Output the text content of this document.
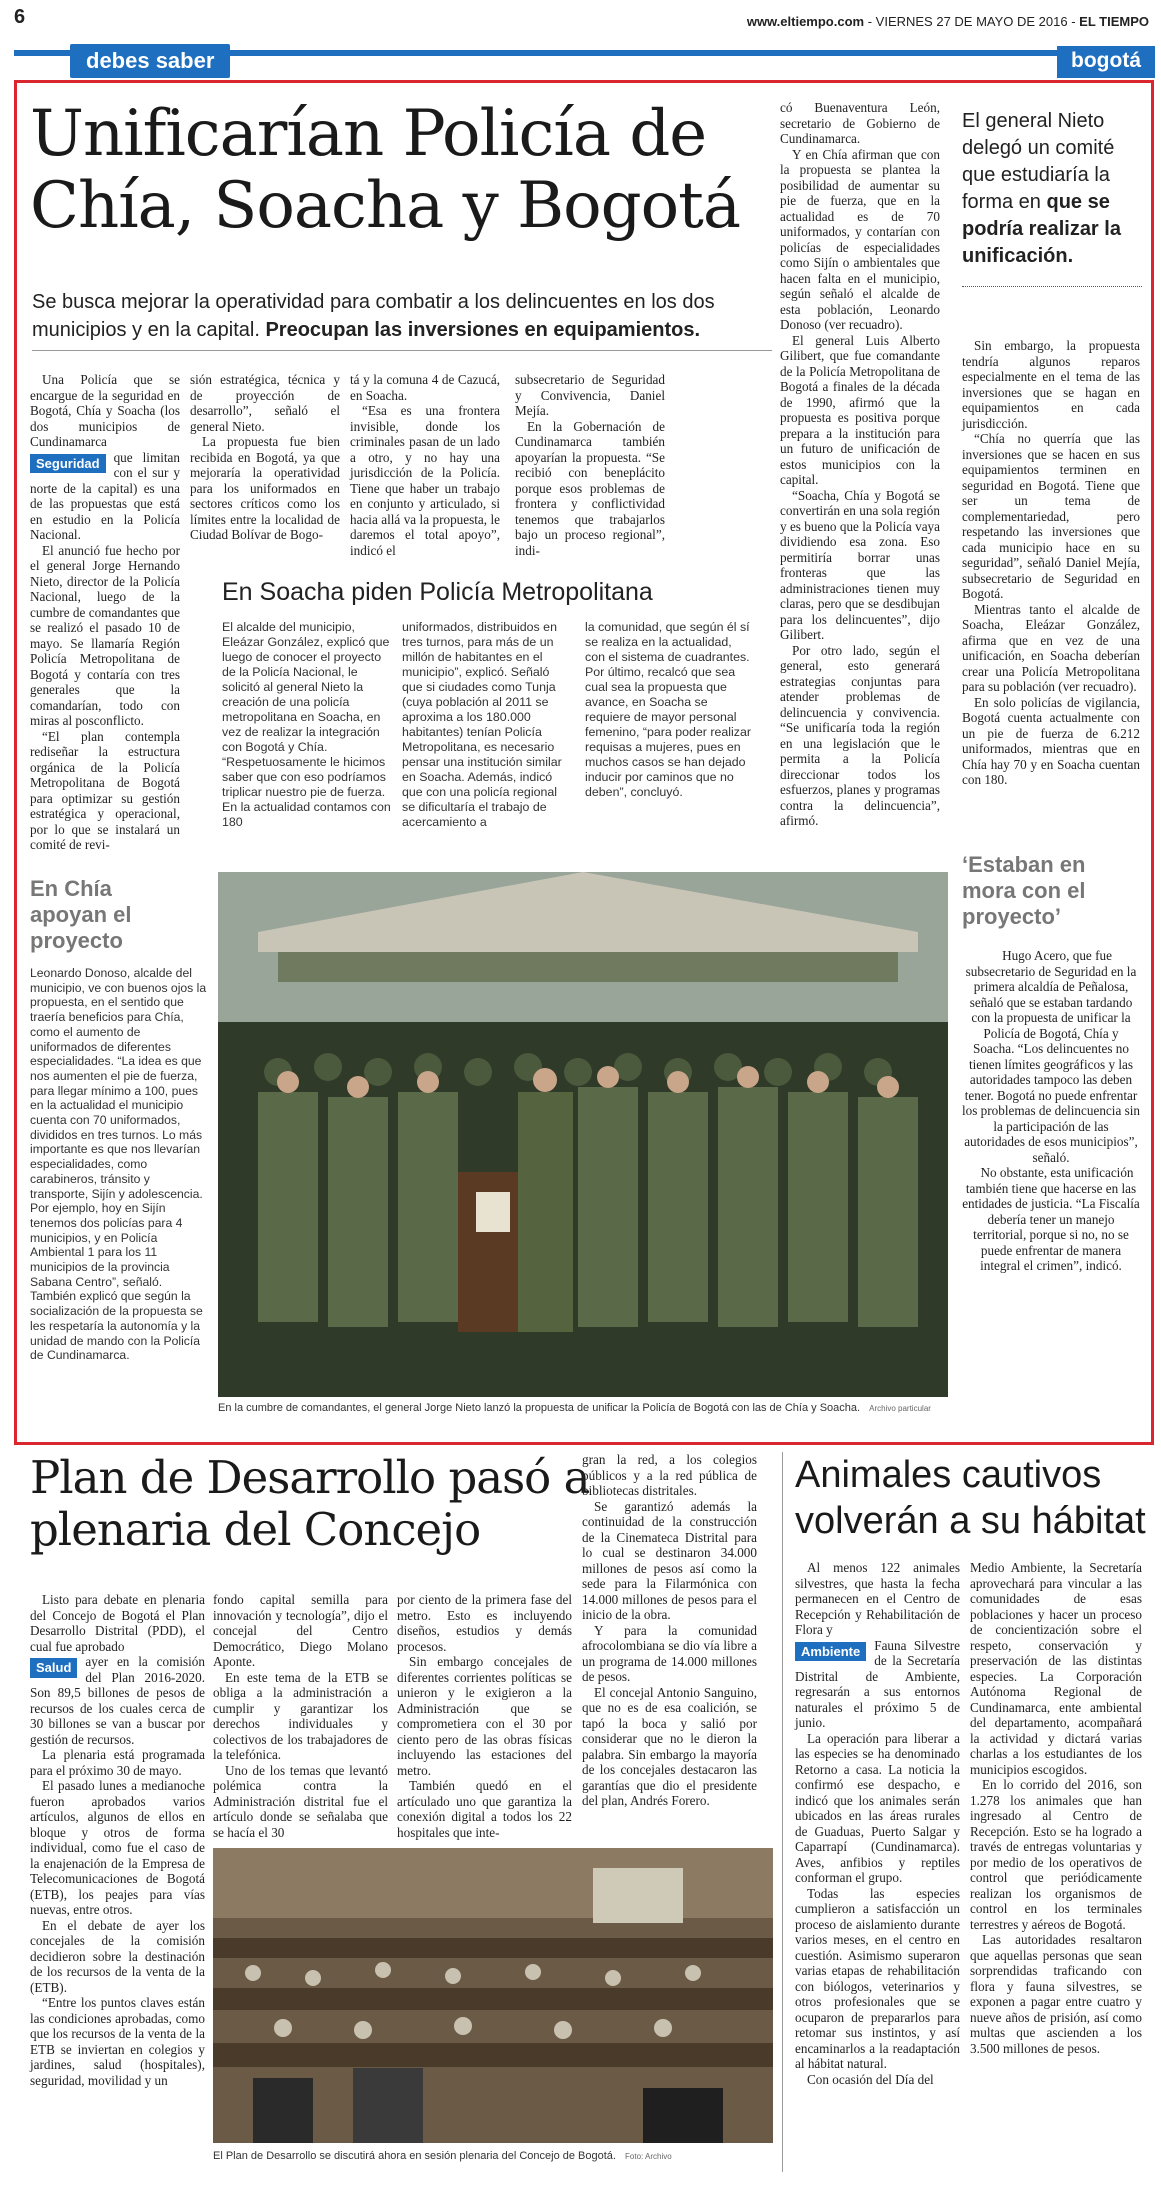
6	www.eltiempo.com - VIERNES 27 DE MAYO DE 2016 - EL TIEMPO
debes saber	bogotá
Unificarían Policía de Chía, Soacha y Bogotá
Se busca mejorar la operatividad para combatir a los delincuentes en los dos municipios y en la capital. Preocupan las inversiones en equipamientos.

Una Policía que se encargue de la seguridad en Bogotá, Chía y Soacha (los dos municipios de Cundinamarca

Seguridad	que limitan con el sur y norte de la capital) es una de las propuestas que está en estudio en la Policía Nacional.

El anunció fue hecho por el general Jorge Hernando Nieto, director de la Policía Nacional, luego de la cumbre de comandantes que se realizó el pasado 10 de mayo. Se llamaría Región Policía Metropolitana de Bogotá y contaría con tres generales que la comandarían, todo con miras al posconflicto.

“El plan contempla rediseñar la estructura orgánica de la Policía Metropolitana de Bogotá para optimizar su gestión estratégica y operacional, por lo que se instalará un comité de revi-

sión estratégica, técnica y de proyección de desarrollo”, señaló el general Nieto.

La propuesta fue bien recibida en Bogotá, ya que mejoraría la operatividad para los uniformados en sectores críticos como los límites entre la localidad de Ciudad Bolívar de Bogo-

tá y la comuna 4 de Cazucá, en Soacha.

“Esa es una frontera invisible, donde los criminales pasan de un lado a otro, y no hay una jurisdicción de la Policía. Tiene que haber un trabajo en conjunto y articulado, si hacia allá va la propuesta, le daremos el total apoyo”, indicó el

subsecretario de Seguridad y Convivencia, Daniel Mejía.

En la Gobernación de Cundinamarca también apoyarían la propuesta. “Se recibió con beneplácito porque esos problemas de frontera y conflictividad tenemos que trabajarlos bajo un proceso regional”, indi-

có Buenaventura León, secretario de Gobierno de Cundinamarca.

Y en Chía afirman que con la propuesta se plantea la posibilidad de aumentar su pie de fuerza, que en la actualidad es de 70 uniformados, y contarían con policías de especialidades como Sijín o ambientales que hacen falta en el municipio, según señaló el alcalde de esta población, Leonardo Donoso (ver recuadro).

El general Luis Alberto Gilibert, que fue comandante de la Policía Metropolitana de Bogotá a finales de la década de 1990, afirmó que la propuesta es positiva porque prepara a la institución para un futuro de unificación de estos municipios con la capital.

“Soacha, Chía y Bogotá se convertirán en una sola región y es bueno que la Policía vaya dividiendo esa zona. Eso permitiría borrar unas fronteras que las administraciones tienen muy claras, pero que se desdibujan para los delincuentes”, dijo Gilibert.

Por otro lado, según el general, esto generará estrategias conjuntas para atender problemas de delincuencia y convivencia. “Se unificaría toda la región en una legislación que le permita a la Policía direccionar todos los esfuerzos, planes y programas contra la delincuencia”, afirmó.

El general Nieto delegó un comité que estudiaría la forma en que se podría realizar la unificación.

Sin embargo, la propuesta tendría algunos reparos especialmente en el tema de las inversiones que se hagan en equipamientos en cada jurisdicción.

“Chía no querría que las inversiones que se hacen en sus equipamientos terminen en seguridad en Bogotá. Tiene que ser un tema de complementariedad, pero respetando las inversiones que cada municipio hace en su seguridad”, señaló Daniel Mejía, subsecretario de Seguridad en Bogotá.

Mientras tanto el alcalde de Soacha, Eleázar González, afirma que en vez de una unificación, en Soacha deberían crear una Policía Metropolitana para su población (ver recuadro).

En solo policías de vigilancia, Bogotá cuenta actualmente con un pie de fuerza de 6.212 uniformados, mientras que en Chía hay 70 y en Soacha cuentan con 180.

En Soacha piden Policía Metropolitana
El alcalde del municipio, Eleázar González, explicó que luego de conocer el proyecto de la Policía Nacional, le solicitó al general Nieto la creación de una policía metropolitana en Soacha, en vez de realizar la integración con Bogotá y Chía. “Respetuosamente le hicimos saber que con eso podríamos triplicar nuestro pie de fuerza. En la actualidad contamos con 180
uniformados, distribuidos en tres turnos, para más de un millón de habitantes en el municipio”, explicó. Señaló que si ciudades como Tunja (cuya población al 2011 se aproxima a los 180.000 habitantes) tenían Policía Metropolitana, es necesario pensar una institución similar en Soacha. Además, indicó que con una policía regional se dificultaría el trabajo de acercamiento a
la comunidad, que según él sí se realiza en la actualidad, con el sistema de cuadrantes. Por último, recalcó que sea cual sea la propuesta que avance, en Soacha se requiere de mayor personal femenino, “para poder realizar requisas a mujeres, pues en muchos casos se han dejado inducir por caminos que no deben”, concluyó.
En Chía apoyan el proyecto
Leonardo Donoso, alcalde del municipio, ve con buenos ojos la propuesta, en el sentido que traería beneficios para Chía, como el aumento de uniformados de diferentes especialidades. “La idea es que nos aumenten el pie de fuerza, para llegar mínimo a 100, pues en la actualidad el municipio cuenta con 70 uniformados, divididos en tres turnos. Lo más importante es que nos llevarían especialidades, como carabineros, tránsito y transporte, Sijín y adolescencia. Por ejemplo, hoy en Sijín tenemos dos policías para 4 municipios, y en Policía Ambiental 1 para los 11 municipios de la provincia Sabana Centro”, señaló. También explicó que según la socialización de la propuesta se les respetaría la autonomía y la unidad de mando con la Policía de Cundinamarca.
En la cumbre de comandantes, el general Jorge Nieto lanzó la propuesta de unificar la Policía de Bogotá con las de Chía y Soacha. Archivo particular
‘Estaban en mora con el proyecto’

Hugo Acero, que fue subsecretario de Seguridad en la primera alcaldía de Peñalosa, señaló que se estaban tardando con la propuesta de unificar la Policía de Bogotá, Chía y Soacha. “Los delincuentes no tienen límites geográficos y las autoridades tampoco las deben tener. Bogotá no puede enfrentar los problemas de delincuencia sin la participación de las autoridades de esos municipios”, señaló.

No obstante, esta unificación también tiene que hacerse en las entidades de justicia. “La Fiscalía debería tener un manejo territorial, porque si no, no se puede enfrentar de manera integral el crimen”, indicó.

Plan de Desarrollo pasó a plenaria del Concejo

Listo para debate en plenaria del Concejo de Bogotá el Plan Desarrollo Distrital (PDD), el cual fue aprobado

Salud	ayer en la comisión del Plan 2016-2020. Son 89,5 billones de pesos de recursos de los cuales cerca de 30 billones se van a buscar por gestión de recursos.

La plenaria está programada para el próximo 30 de mayo.

El pasado lunes a medianoche fueron aprobados varios artículos, algunos de ellos en bloque y otros de forma individual, como fue el caso de la enajenación de la Empresa de Telecomunicaciones de Bogotá (ETB), los peajes para vías nuevas, entre otros.

En el debate de ayer los concejales de la comisión decidieron sobre la destinación de los recursos de la venta de la (ETB).

“Entre los puntos claves están las condiciones aprobadas, como que los recursos de la venta de la ETB se inviertan en colegios y jardines, salud (hospitales), seguridad, movilidad y un

fondo capital semilla para innovación y tecnología”, dijo el concejal del Centro Democrático, Diego Molano Aponte.

En este tema de la ETB se obliga a la administración a cumplir y garantizar los derechos individuales y colectivos de los trabajadores de la telefónica.

Uno de los temas que levantó polémica contra la Administración distrital fue el artículo donde se señalaba que se hacía el 30

por ciento de la primera fase del metro. Esto es incluyendo diseños, estudios y demás procesos.

Sin embargo concejales de diferentes corrientes políticas se unieron y le exigieron a la Administración que se comprometiera con el 30 por ciento pero de las obras físicas incluyendo las estaciones del metro.

También quedó en el artículado uno que garantiza la conexión digital a todos los 22 hospitales que inte-

gran la red, a los colegios públicos y a la red pública de bibliotecas distritales.

Se garantizó además la continuidad de la construcción de la Cinemateca Distrital para lo cual se destinaron 34.000 millones de pesos así como la sede para la Filarmónica con 14.000 millones de pesos para el inicio de la obra.

Y para la comunidad afrocolombiana se dio vía libre a un programa de 14.000 millones de pesos.

El concejal Antonio Sanguino, que no es de esa coalición, se tapó la boca y salió por considerar que no le dieron la palabra. Sin embargo la mayoría de los concejales destacaron las garantías que dio el presidente del plan, Andrés Forero.

El Plan de Desarrollo se discutirá ahora en sesión plenaria del Concejo de Bogotá. Foto: Archivo
Animales cautivos volverán a su hábitat

Al menos 122 animales silvestres, que hasta la fecha permanecen en el Centro de Recepción y Rehabilitación de Flora y

Ambiente	Fauna Silvestre de la Secretaría Distrital de Ambiente, regresarán a sus entornos naturales el próximo 5 de junio.

La operación para liberar a las especies se ha denominado Retorno a casa. La noticia la confirmó ese despacho, e indicó que los animales serán ubicados en las áreas rurales de Guaduas, Puerto Salgar y Caparrapí (Cundinamarca). Aves, anfibios y reptiles conforman el grupo.

Todas las especies cumplieron a satisfacción un proceso de aislamiento durante varios meses, en el centro en cuestión. Asimismo superaron varias etapas de rehabilitación con biólogos, veterinarios y otros profesionales que se ocuparon de prepararlos para retomar sus instintos, y así encaminarlos a la readaptación al hábitat natural.

Con ocasión del Día del

Medio Ambiente, la Secretaría aprovechará para vincular a las comunidades de esas poblaciones y hacer un proceso de concientización sobre el respeto, conservación y preservación de las distintas especies. La Corporación Autónoma Regional de Cundinamarca, ente ambiental del departamento, acompañará la actividad y dictará varias charlas a los estudiantes de los municipios escogidos.

En lo corrido del 2016, son 1.278 los animales que han ingresado al Centro de Recepción. Esto se ha logrado a través de entregas voluntarias y por medio de los operativos de control que periódicamente realizan los organismos de control en los terminales terrestres y aéreos de Bogotá.

Las autoridades resaltaron que aquellas personas que sean sorprendidas traficando con flora y fauna silvestres, se exponen a pagar entre cuatro y nueve años de prisión, así como multas que ascienden a los 3.500 millones de pesos.
